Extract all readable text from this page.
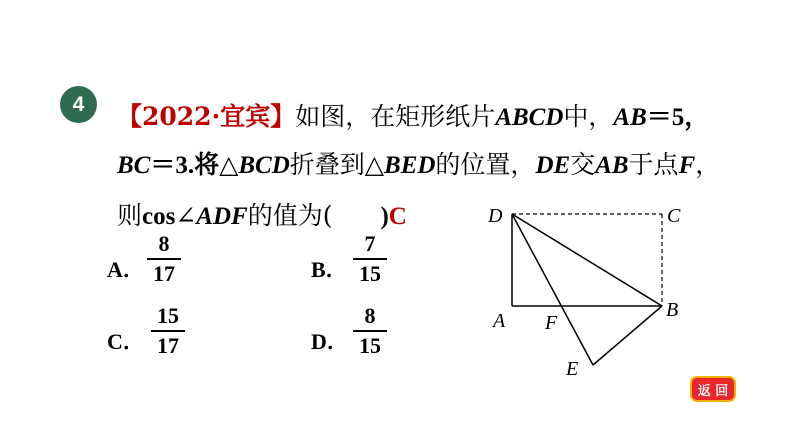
4	【2022·宜宾】如图，在矩形纸片ABCD中，AB＝5，
BC＝3.将△BCD折叠到△BED的位置，DE交AB于点F，
则cos∠ADF的值为( )C
A．
8
17	B．
7
15
C．
15
17	D．
8
15
D	C
A F
B
E
返 回
